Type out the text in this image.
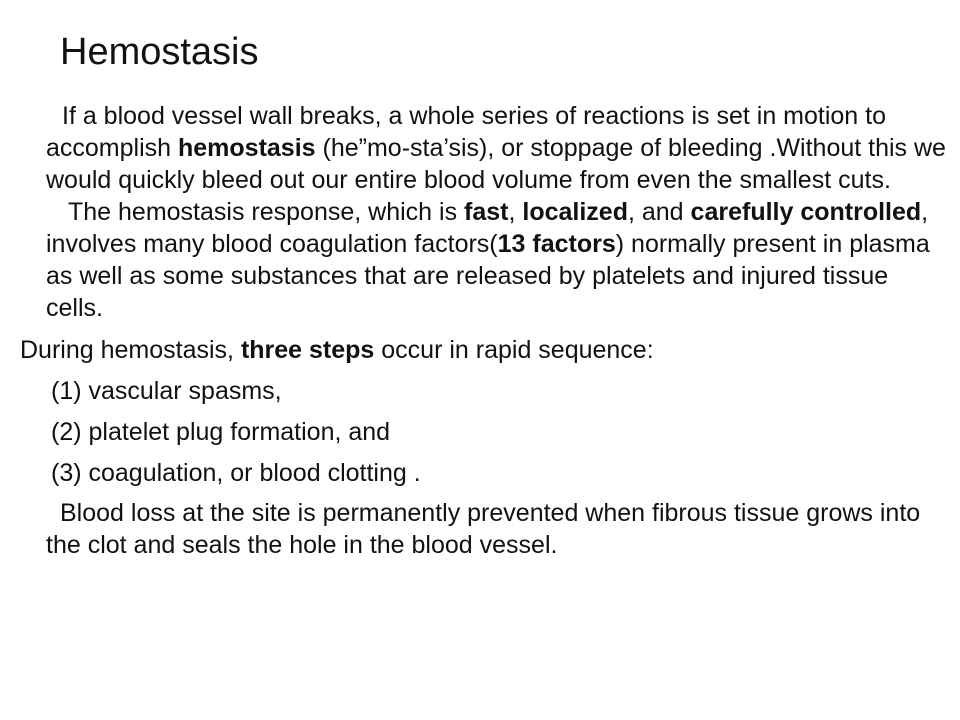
Hemostasis

If a blood vessel wall breaks, a whole series of reactions is set in motion to accomplish hemostasis (he”mo-sta’sis), or stoppage of bleeding .Without this we would quickly bleed out our entire blood volume from even the smallest cuts.

The hemostasis response, which is fast, localized, and carefully controlled, involves many blood coagulation factors(13 factors) normally present in plasma as well as some substances that are released by platelets and injured tissue cells.

During hemostasis, three steps occur in rapid sequence:

(1) vascular spasms,

(2) platelet plug formation, and

(3) coagulation, or blood clotting .

Blood loss at the site is permanently prevented when fibrous tissue grows into the clot and seals the hole in the blood vessel.
